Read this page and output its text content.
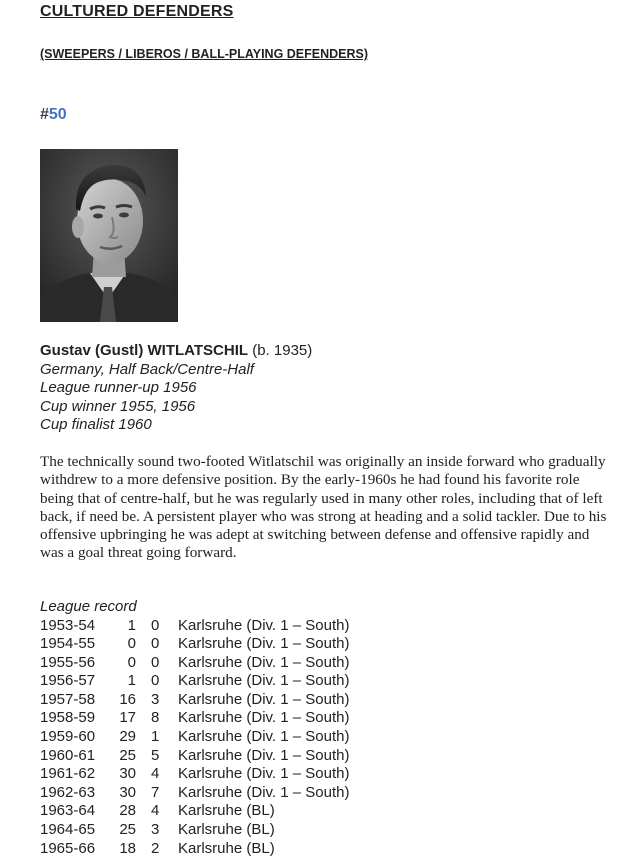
CULTURED DEFENDERS
(SWEEPERS / LIBEROS / BALL-PLAYING DEFENDERS)
#50
Gustav (Gustl) WITLATSCHIL (b. 1935)
Germany, Half Back/Centre-Half
League runner-up 1956
Cup winner 1955, 1956
Cup finalist 1960
The technically sound two-footed Witlatschil was originally an inside forward who gradually withdrew to a more defensive position. By the early-1960s he had found his favorite role being that of centre-half, but he was regularly used in many other roles, including that of left back, if need be. A persistent player who was strong at heading and a solid tackler. Due to his offensive upbringing he was adept at switching between defense and offensive rapidly and was a goal threat going forward.
League record
1953-54	1	0	Karlsruhe (Div. 1 – South)
1954-55	0	0	Karlsruhe (Div. 1 – South)
1955-56	0	0	Karlsruhe (Div. 1 – South)
1956-57	1	0	Karlsruhe (Div. 1 – South)
1957-58	16	3	Karlsruhe (Div. 1 – South)
1958-59	17	8	Karlsruhe (Div. 1 – South)
1959-60	29	1	Karlsruhe (Div. 1 – South)
1960-61	25	5	Karlsruhe (Div. 1 – South)
1961-62	30	4	Karlsruhe (Div. 1 – South)
1962-63	30	7	Karlsruhe (Div. 1 – South)
1963-64	28	4	Karlsruhe (BL)
1964-65	25	3	Karlsruhe (BL)
1965-66	18	2	Karlsruhe (BL)
